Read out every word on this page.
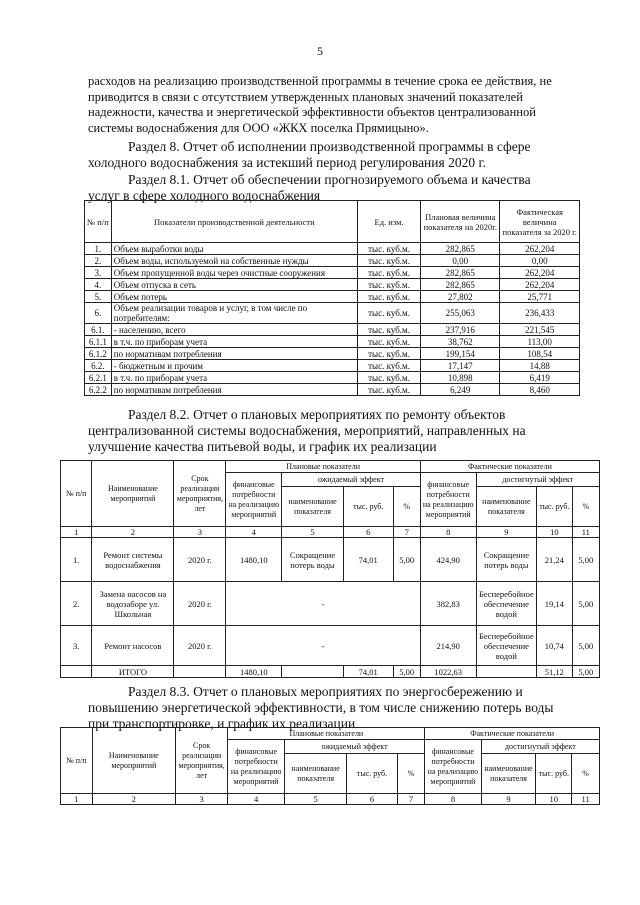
5
расходов на реализацию производственной программы в течение срока ее действия, не
приводится в связи с отсутствием утвержденных плановых значений показателей
надежности, качества и энергетической эффективности объектов централизованной
системы водоснабжения для ООО «ЖКХ поселка Прямицыно».
Раздел 8. Отчет об исполнении производственной программы в сфере
холодного водоснабжения за истекший период регулирования 2020 г.
Раздел 8.1. Отчет об обеспечении прогнозируемого объема и качества
услуг в сфере холодного водоснабжения
№ п/п	Показатели производственной деятельности	Ед. изм.	Плановая величина показателя на 2020г.	Фактическая величина показателя за 2020 г.
1.	Объем выработки воды	тыс. куб.м.	282,865	262,204
2.	Объем воды, используемой на собственные нужды	тыс. куб.м.	0,00	0,00
3.	Объем пропущенной воды через очистные сооружения	тыс. куб.м.	282,865	262,204
4.	Объем отпуска в сеть	тыс. куб.м.	282,865	262,204
5.	Объем потерь	тыс. куб.м.	27,802	25,771
6.	Объем реализации товаров и услуг, в том числе по потребителям:	тыс. куб.м.	255,063	236,433
6.1.	- населению, всего	тыс. куб.м.	237,916	221,545
6.1.1	в т.ч. по приборам учета	тыс. куб.м.	38,762	113,00
6.1.2	по нормативам потребления	тыс. куб.м.	199,154	108,54
6.2.	- бюджетным и прочим	тыс. куб.м.	17,147	14,88
6.2.1	в т.ч. по приборам учета	тыс. куб.м.	10,898	6,419
6.2.2	по нормативам потребления	тыс. куб.м.	6,249	8,460
Раздел 8.2. Отчет о плановых мероприятиях по ремонту объектов
централизованной системы водоснабжения, мероприятий, направленных на
улучшение качества питьевой воды, и график их реализации
№ п/п	Наименование мероприятий	Срок реализации мероприятия, лет	Плановые показатели				Фактические показатели			
			финансовые потребности на реализацию мероприятий	ожидаемый эффект			финансовые потребности на реализацию мероприятий	достигнутый эффект		
				наименование показателя	тыс. руб.	%		наименование показателя	тыс. руб.	%
1	2	3	4	5	6	7	8	9	10	11
1.	Ремонт системы водоснабжения	2020 г.	1480,10	Сокращение потерь воды	74,01	5,00	424,90	Сокращение потерь воды	21,24	5,00
2.	Замена насосов на водозаборе ул. Школьная	2020 г.	-				382,83	Бесперебойное обеспечение водой	19,14	5,00
3.	Ремонт насосов	2020 г.	-				214,90	Бесперебойное обеспечение водой	10,74	5,00
	ИТОГО		1480,10		74,01	5,00	1022,63		51,12	5,00
Раздел 8.3. Отчет о плановых мероприятиях по энергосбережению и
повышению энергетической эффективности, в том числе снижению потерь воды
при транспортировке, и график их реализации
№ п/п	Наименование мероприятий	Срок реализации мероприятия, лет	Плановые показатели				Фактические показатели			
			финансовые потребности на реализацию мероприятий	ожидаемый эффект			финансовые потребности на реализацию мероприятий	достигнутый эффект		
				наименование показателя	тыс. руб.	%		наименование показателя	тыс. руб.	%
1	2	3	4	5	6	7	8	9	10	11
